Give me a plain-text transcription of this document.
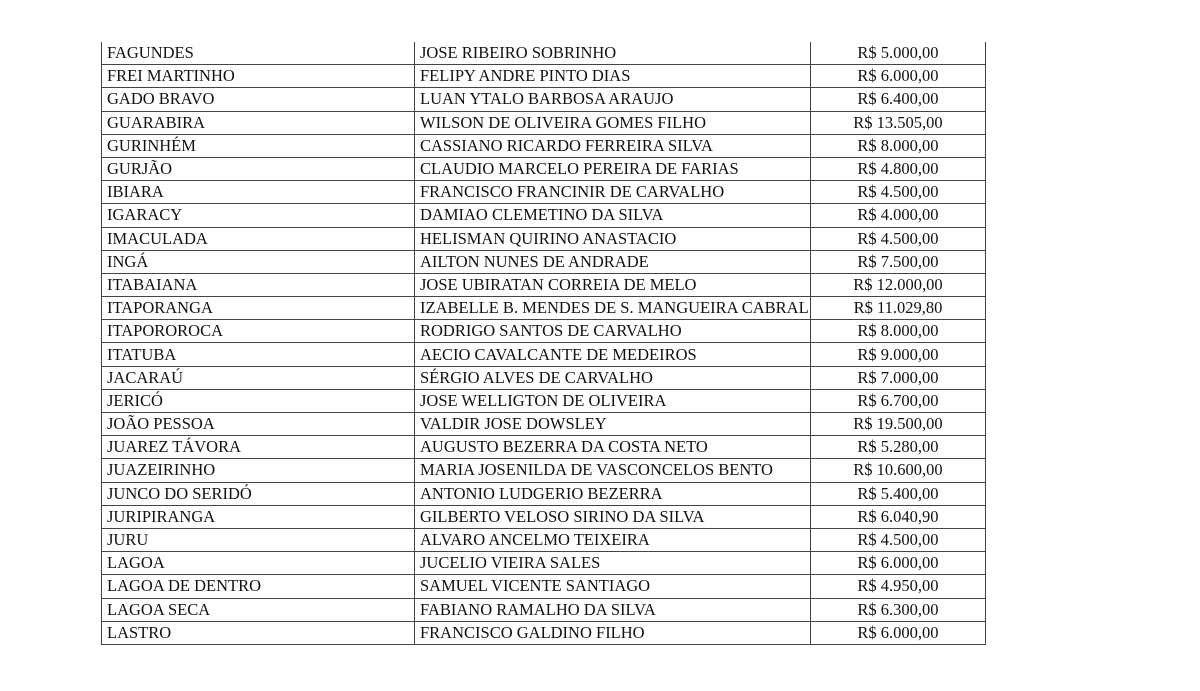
FAGUNDES	JOSE RIBEIRO SOBRINHO	R$ 5.000,00
FREI MARTINHO	FELIPY ANDRE PINTO DIAS	R$ 6.000,00
GADO BRAVO	LUAN YTALO BARBOSA ARAUJO	R$ 6.400,00
GUARABIRA	WILSON DE OLIVEIRA GOMES FILHO	R$ 13.505,00
GURINHÉM	CASSIANO RICARDO FERREIRA SILVA	R$ 8.000,00
GURJÃO	CLAUDIO MARCELO PEREIRA DE FARIAS	R$ 4.800,00
IBIARA	FRANCISCO FRANCINIR DE CARVALHO	R$ 4.500,00
IGARACY	DAMIAO CLEMETINO DA SILVA	R$ 4.000,00
IMACULADA	HELISMAN QUIRINO ANASTACIO	R$ 4.500,00
INGÁ	AILTON NUNES DE ANDRADE	R$ 7.500,00
ITABAIANA	JOSE UBIRATAN CORREIA DE MELO	R$ 12.000,00
ITAPORANGA	IZABELLE B. MENDES DE S. MANGUEIRA CABRAL	R$ 11.029,80
ITAPOROROCA	RODRIGO SANTOS DE CARVALHO	R$ 8.000,00
ITATUBA	AECIO CAVALCANTE DE MEDEIROS	R$ 9.000,00
JACARAÚ	SÉRGIO ALVES DE CARVALHO	R$ 7.000,00
JERICÓ	JOSE WELLIGTON DE OLIVEIRA	R$ 6.700,00
JOÃO PESSOA	VALDIR JOSE DOWSLEY	R$ 19.500,00
JUAREZ TÁVORA	AUGUSTO BEZERRA DA COSTA NETO	R$ 5.280,00
JUAZEIRINHO	MARIA JOSENILDA DE VASCONCELOS BENTO	R$ 10.600,00
JUNCO DO SERIDÓ	ANTONIO LUDGERIO BEZERRA	R$ 5.400,00
JURIPIRANGA	GILBERTO VELOSO SIRINO DA SILVA	R$ 6.040,90
JURU	ALVARO ANCELMO TEIXEIRA	R$ 4.500,00
LAGOA	JUCELIO VIEIRA SALES	R$ 6.000,00
LAGOA DE DENTRO	SAMUEL VICENTE SANTIAGO	R$ 4.950,00
LAGOA SECA	FABIANO RAMALHO DA SILVA	R$ 6.300,00
LASTRO	FRANCISCO GALDINO FILHO	R$ 6.000,00
